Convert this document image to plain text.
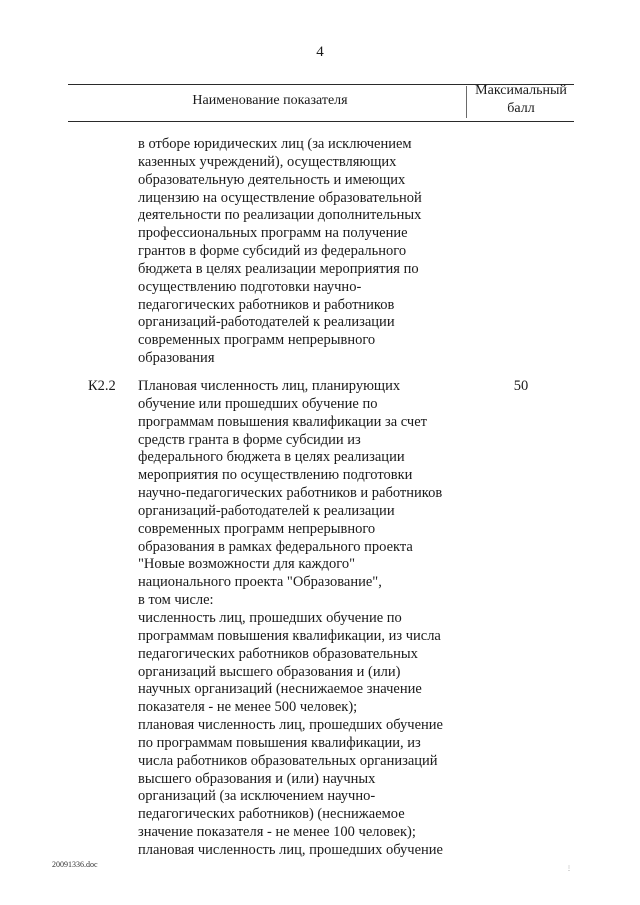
4
Наименование показателя
Максимальный
балл
в отборе юридических лиц (за исключением
казенных учреждений), осуществляющих
образовательную деятельность и имеющих
лицензию на осуществление образовательной
деятельности по реализации дополнительных
профессиональных программ на получение
грантов в форме субсидий из федерального
бюджета в целях реализации мероприятия по
осуществлению подготовки научно-
педагогических работников и работников
организаций-работодателей к реализации
современных программ непрерывного
образования
К2.2 Плановая численность лиц, планирующих
обучение или прошедших обучение по
программам повышения квалификации за счет
средств гранта в форме субсидии из
федерального бюджета в целях реализации
мероприятия по осуществлению подготовки
научно-педагогических работников и работников
организаций-работодателей к реализации
современных программ непрерывного
образования в рамках федерального проекта
"Новые возможности для каждого"
национального проекта "Образование",
в том числе:
численность лиц, прошедших обучение по
программам повышения квалификации, из числа
педагогических работников образовательных
организаций высшего образования и (или)
научных организаций (неснижаемое значение
показателя - не менее 500 человек);
плановая численность лиц, прошедших обучение
по программам повышения квалификации, из
числа работников образовательных организаций
высшего образования и (или) научных
организаций (за исключением научно-
педагогических работников) (неснижаемое
значение показателя - не менее 100 человек);
плановая численность лиц, прошедших обучение
50
20091336.doc	⋮
